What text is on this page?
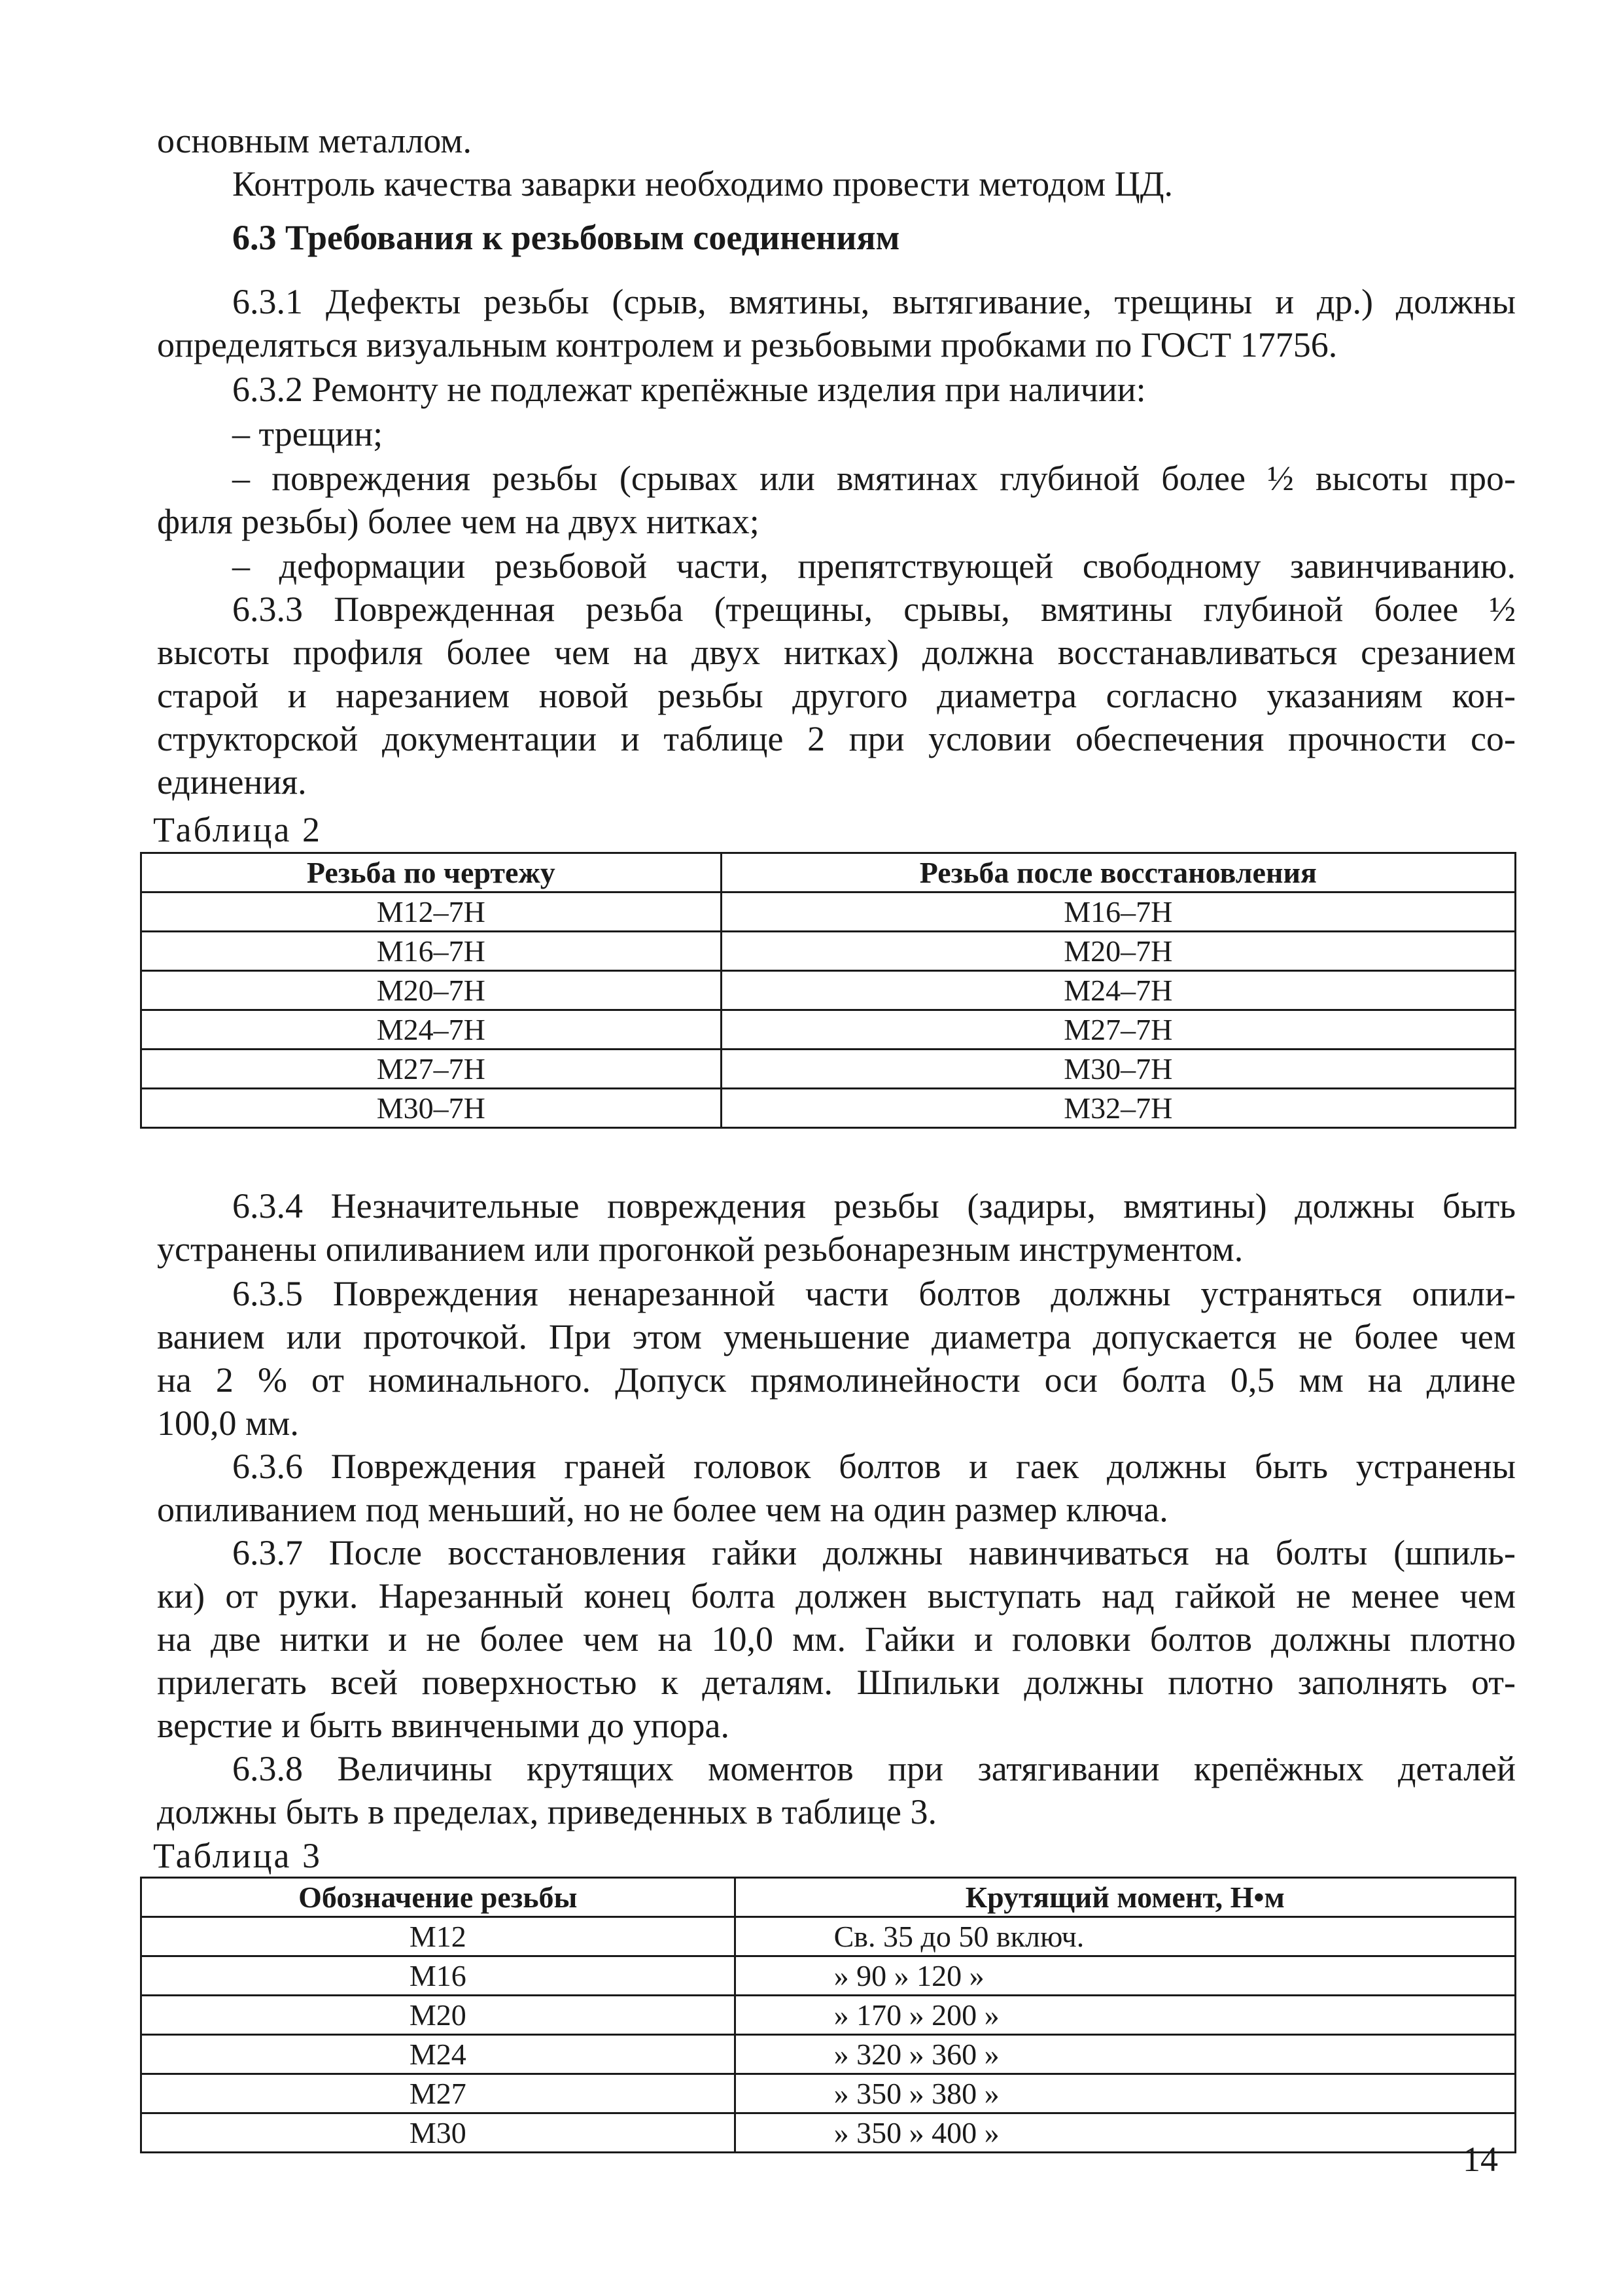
основным металлом.
Контроль качества заварки необходимо провести методом ЦД.
6.3 Требования к резьбовым соединениям
6.3.1 Дефекты резьбы (срыв, вмятины, вытягивание, трещины и др.) должны
определяться визуальным контролем и резьбовыми пробками по ГОСТ 17756.
6.3.2 Ремонту не подлежат крепёжные изделия при наличии:
– трещин;
– повреждения резьбы (срывах или вмятинах глубиной более ½ высоты про-
филя резьбы) более чем на двух нитках;
– деформации резьбовой части, препятствующей свободному завинчиванию.
6.3.3 Поврежденная резьба (трещины, срывы, вмятины глубиной более ½
высоты профиля более чем на двух нитках) должна восстанавливаться срезанием
старой и нарезанием новой резьбы другого диаметра согласно указаниям кон-
структорской документации и таблице 2 при условии обеспечения прочности со-
единения.
Таблица 2
Резьба по чертежу	Резьба после восстановления
М12–7Н	М16–7Н
М16–7Н	М20–7Н
М20–7Н	М24–7Н
М24–7Н	М27–7Н
М27–7Н	М30–7Н
М30–7Н	М32–7Н
6.3.4 Незначительные повреждения резьбы (задиры, вмятины) должны быть
устранены опиливанием или прогонкой резьбонарезным инструментом.
6.3.5 Повреждения ненарезанной части болтов должны устраняться опили-
ванием или проточкой. При этом уменьшение диаметра допускается не более чем
на 2 % от номинального. Допуск прямолинейности оси болта 0,5 мм на длине
100,0 мм.
6.3.6 Повреждения граней головок болтов и гаек должны быть устранены
опиливанием под меньший, но не более чем на один размер ключа.
6.3.7 После восстановления гайки должны навинчиваться на болты (шпиль-
ки) от руки. Нарезанный конец болта должен выступать над гайкой не менее чем
на две нитки и не более чем на 10,0 мм. Гайки и головки болтов должны плотно
прилегать всей поверхностью к деталям. Шпильки должны плотно заполнять от-
верстие и быть ввинчеными до упора.
6.3.8 Величины крутящих моментов при затягивании крепёжных деталей
должны быть в пределах, приведенных в таблице 3.
Таблица 3
Обозначение резьбы	Крутящий момент, Н•м
М12	Св. 35 до 50 включ.
М16	» 90 » 120 »
М20	» 170 » 200 »
М24	» 320 » 360 »
М27	» 350 » 380 »
М30	» 350 » 400 »
14
